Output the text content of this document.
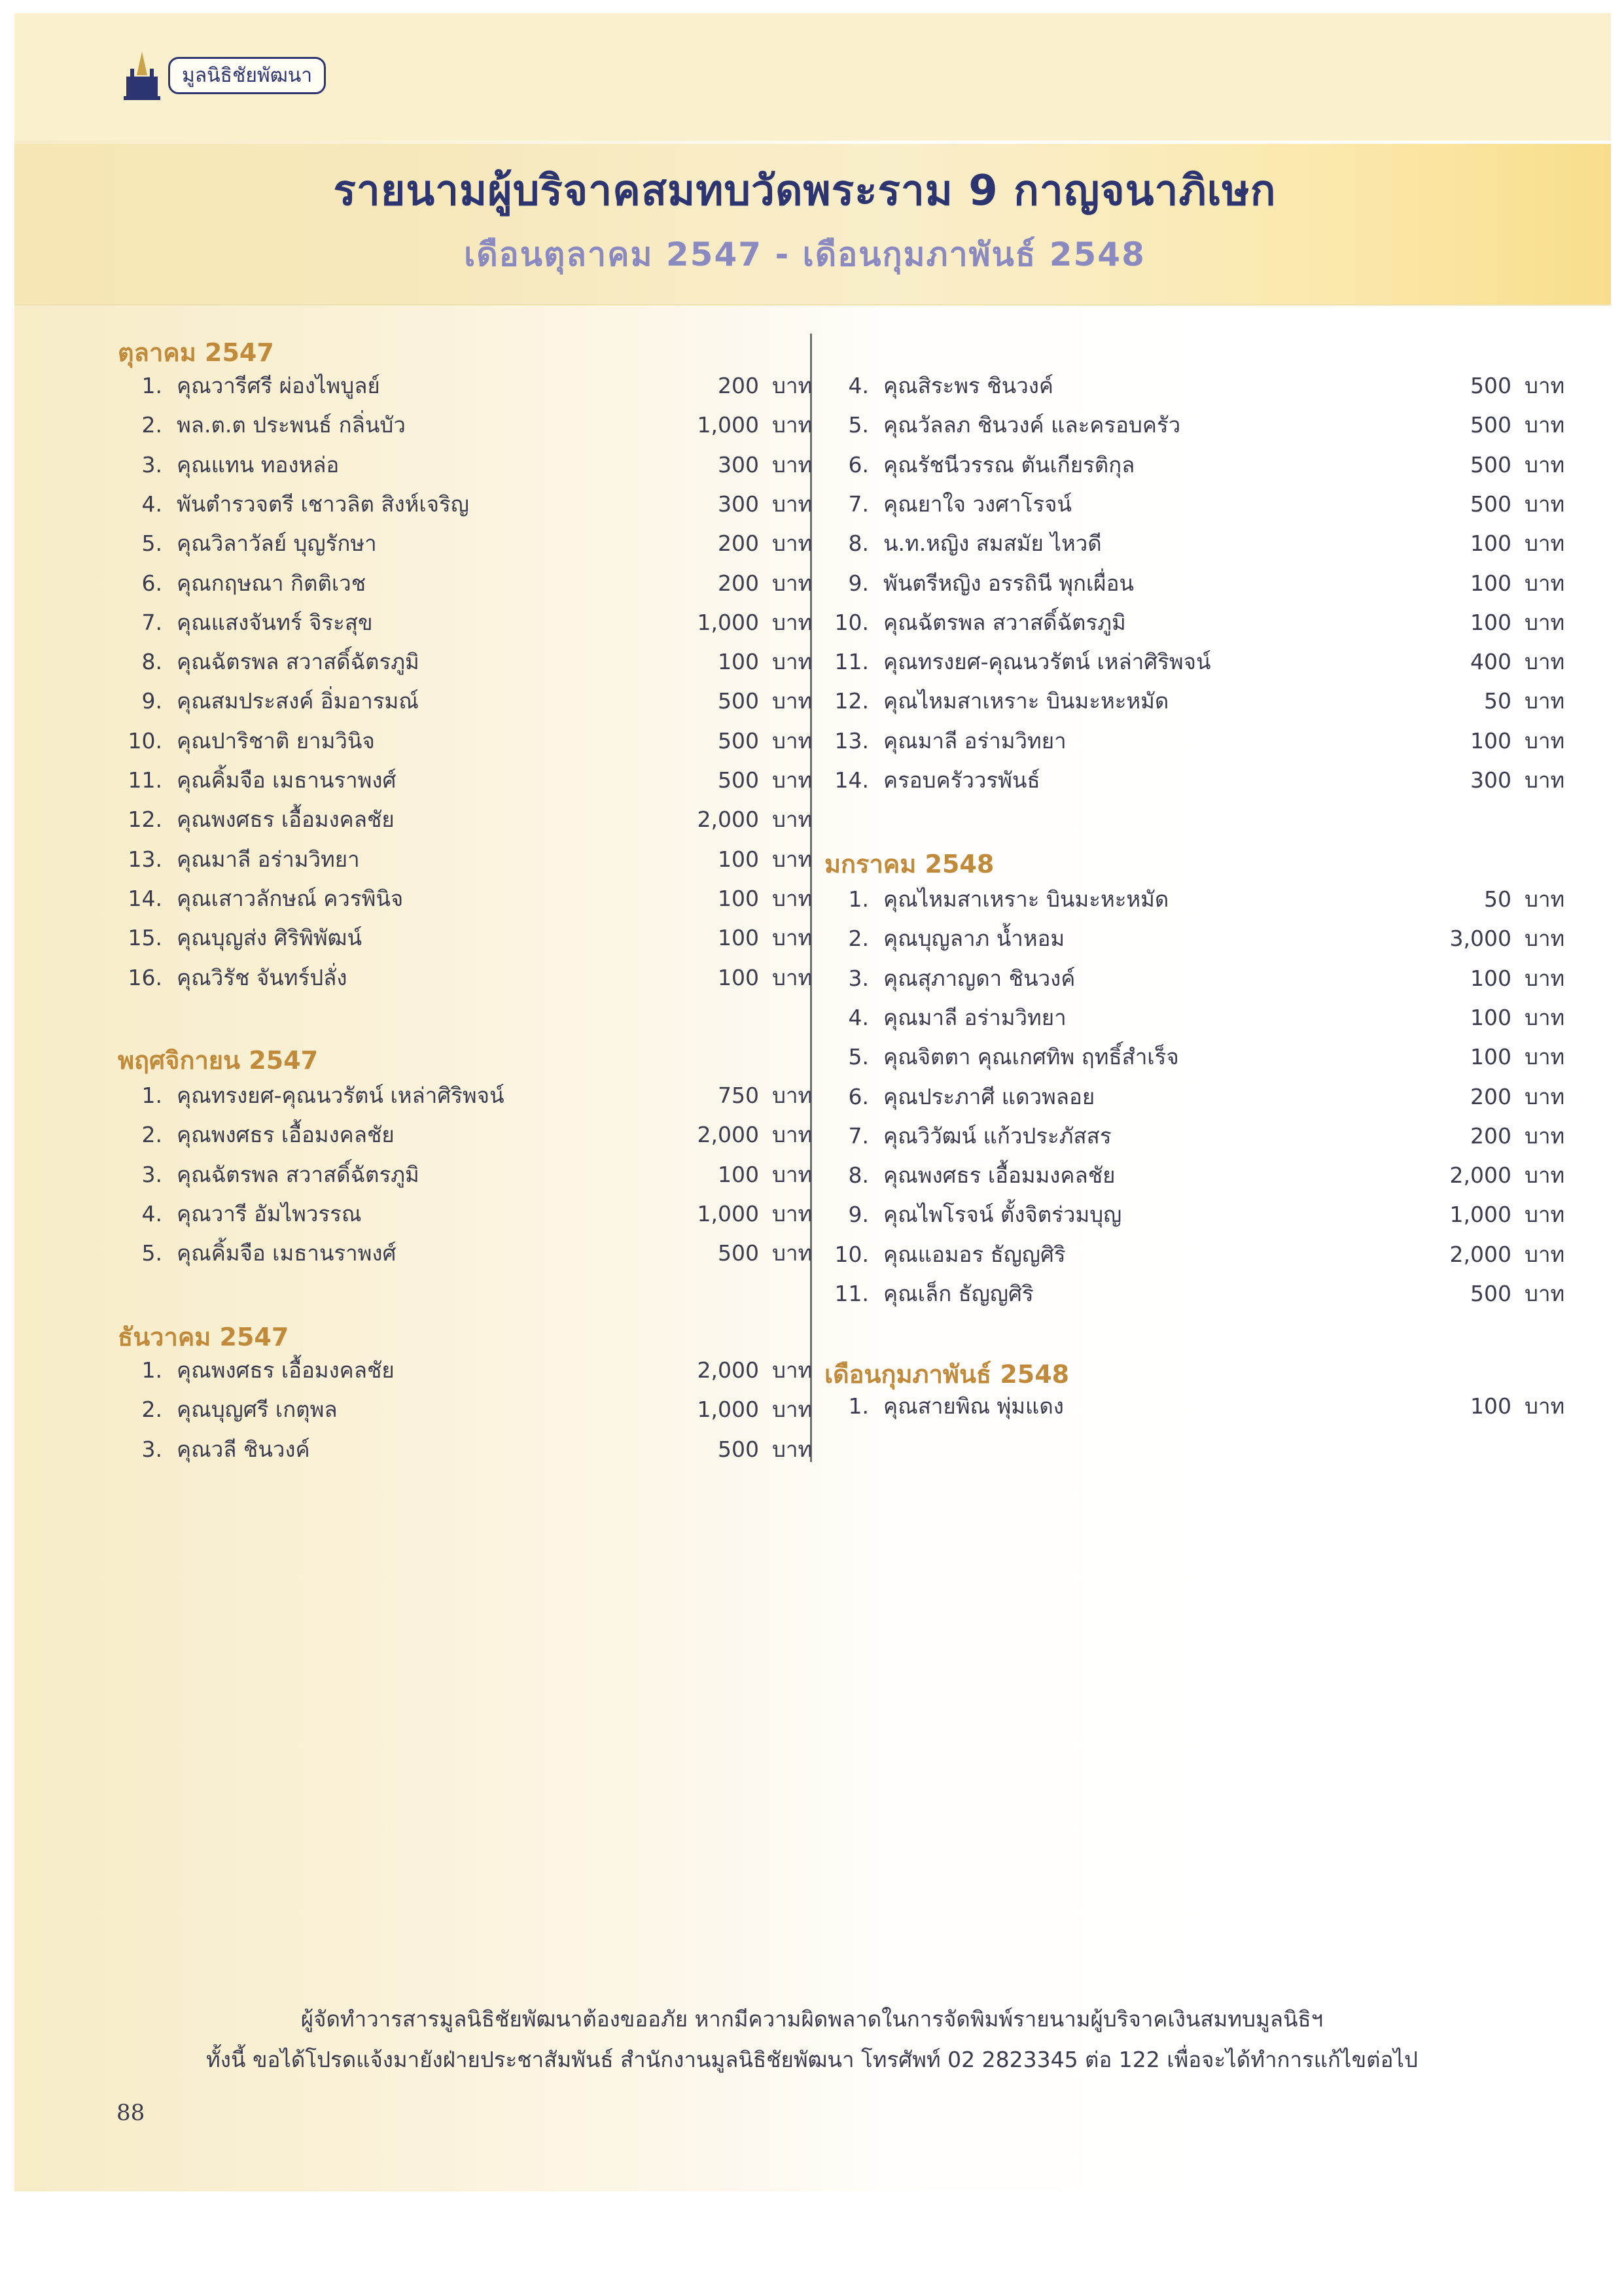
มูลนิธิชัยพัฒนา
รายนามผู้บริจาคสมทบวัดพระราม 9 กาญจนาภิเษก
เดือนตุลาคม 2547 - เดือนกุมภาพันธ์ 2548
ตุลาคม 2547
1. คุณวารีศรี ผ่องไพบูลย์	200 บาท
2. พล.ต.ต ประพนธ์ กลิ่นบัว	1,000 บาท
3. คุณแทน ทองหล่อ	300 บาท
4. พันตำรวจตรี เชาวลิต สิงห์เจริญ	300 บาท
5. คุณวิลาวัลย์ บุญรักษา	200 บาท
6. คุณกฤษณา กิตติเวช	200 บาท
7. คุณแสงจันทร์ จิระสุข	1,000 บาท
8. คุณฉัตรพล สวาสดิ์ฉัตรภูมิ	100 บาท
9. คุณสมประสงค์ อิ่มอารมณ์	500 บาท
10. คุณปาริชาติ ยามวินิจ	500 บาท
11. คุณคิ้มจือ เมธานราพงศ์	500 บาท
12. คุณพงศธร เอื้อมงคลชัย	2,000 บาท
13. คุณมาลี อร่ามวิทยา	100 บาท
14. คุณเสาวลักษณ์ ควรพินิจ	100 บาท
15. คุณบุญส่ง ศิริพิพัฒน์	100 บาท
16. คุณวิรัช จันทร์ปลั่ง	100 บาท
พฤศจิกายน 2547
1. คุณทรงยศ-คุณนวรัตน์ เหล่าศิริพจน์	750 บาท
2. คุณพงศธร เอื้อมงคลชัย	2,000 บาท
3. คุณฉัตรพล สวาสดิ์ฉัตรภูมิ	100 บาท
4. คุณวารี อัมไพวรรณ	1,000 บาท
5. คุณคิ้มจือ เมธานราพงศ์	500 บาท
ธันวาคม 2547
1. คุณพงศธร เอื้อมงคลชัย	2,000 บาท
2. คุณบุญศรี เกตุพล	1,000 บาท
3. คุณวลี ชินวงค์	500 บาท
4. คุณสิระพร ชินวงค์	500 บาท
5. คุณวัลลภ ชินวงค์ และครอบครัว	500 บาท
6. คุณรัชนีวรรณ ตันเกียรติกุล	500 บาท
7. คุณยาใจ วงศาโรจน์	500 บาท
8. น.ท.หญิง สมสมัย ไหวดี	100 บาท
9. พันตรีหญิง อรรถินี พุกเผื่อน	100 บาท
10. คุณฉัตรพล สวาสดิ์ฉัตรภูมิ	100 บาท
11. คุณทรงยศ-คุณนวรัตน์ เหล่าศิริพจน์	400 บาท
12. คุณไหมสาเหราะ บินมะหะหมัด	50 บาท
13. คุณมาลี อร่ามวิทยา	100 บาท
14. ครอบครัววรพันธ์	300 บาท
มกราคม 2548
1. คุณไหมสาเหราะ บินมะหะหมัด	50 บาท
2. คุณบุญลาภ น้ำหอม	3,000 บาท
3. คุณสุภาญดา ชินวงค์	100 บาท
4. คุณมาลี อร่ามวิทยา	100 บาท
5. คุณจิตตา คุณเกศทิพ ฤทธิ์สำเร็จ	100 บาท
6. คุณประภาศี แดวพลอย	200 บาท
7. คุณวิวัฒน์ แก้วประภัสสร	200 บาท
8. คุณพงศธร เอื้อมมงคลชัย	2,000 บาท
9. คุณไพโรจน์ ตั้งจิตร่วมบุญ	1,000 บาท
10. คุณแอมอร ธัญญศิริ	2,000 บาท
11. คุณเล็ก ธัญญศิริ	500 บาท
เดือนกุมภาพันธ์ 2548
1. คุณสายพิณ พุ่มแดง	100 บาท
ผู้จัดทำวารสารมูลนิธิชัยพัฒนาต้องขออภัย หากมีความผิดพลาดในการจัดพิมพ์รายนามผู้บริจาคเงินสมทบมูลนิธิฯ
ทั้งนี้ ขอได้โปรดแจ้งมายังฝ่ายประชาสัมพันธ์ สำนักงานมูลนิธิชัยพัฒนา โทรศัพท์ 02 2823345 ต่อ 122 เพื่อจะได้ทำการแก้ไขต่อไป
88
